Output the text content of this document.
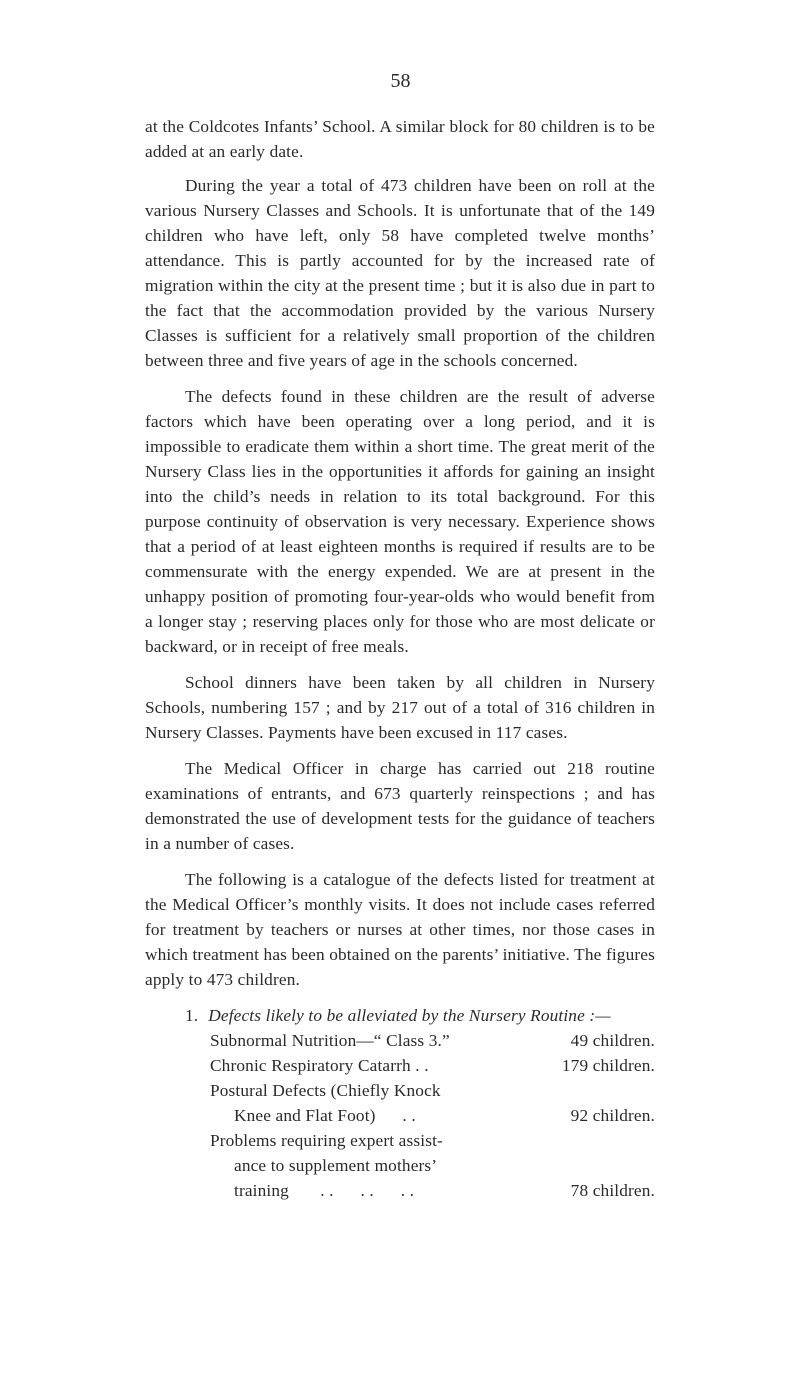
58

at the Coldcotes Infants’ School. A similar block for 80 children is to be added at an early date.

During the year a total of 473 children have been on roll at the various Nursery Classes and Schools. It is unfortunate that of the 149 children who have left, only 58 have completed twelve months’ attendance. This is partly accounted for by the increased rate of migration within the city at the present time ; but it is also due in part to the fact that the accommodation provided by the various Nursery Classes is sufficient for a relatively small proportion of the children between three and five years of age in the schools concerned.

The defects found in these children are the result of adverse factors which have been operating over a long period, and it is impossible to eradicate them within a short time. The great merit of the Nursery Class lies in the opportunities it affords for gaining an insight into the child’s needs in relation to its total background. For this purpose continuity of observation is very necessary. Experience shows that a period of at least eighteen months is required if results are to be commensurate with the energy expended. We are at present in the unhappy position of promoting four-year-olds who would benefit from a longer stay ; reserving places only for those who are most delicate or backward, or in receipt of free meals.

School dinners have been taken by all children in Nursery Schools, numbering 157 ; and by 217 out of a total of 316 children in Nursery Classes. Payments have been excused in 117 cases.

The Medical Officer in charge has carried out 218 routine examinations of entrants, and 673 quarterly reinspections ; and has demonstrated the use of development tests for the guidance of teachers in a number of cases.

The following is a catalogue of the defects listed for treatment at the Medical Officer’s monthly visits. It does not include cases referred for treatment by teachers or nurses at other times, nor those cases in which treatment has been obtained on the parents’ initiative. The figures apply to 473 children.

1. Defects likely to be alleviated by the Nursery Routine :—
Subnormal Nutrition—“ Class 3.”	49 children.
Chronic Respiratory Catarrh . .	179 children.
Postural Defects (Chiefly Knock
Knee and Flat Foot)      . .	92 children.
Problems requiring expert assist-
ance to supplement mothers’
training       . .      . .      . .	78 children.
